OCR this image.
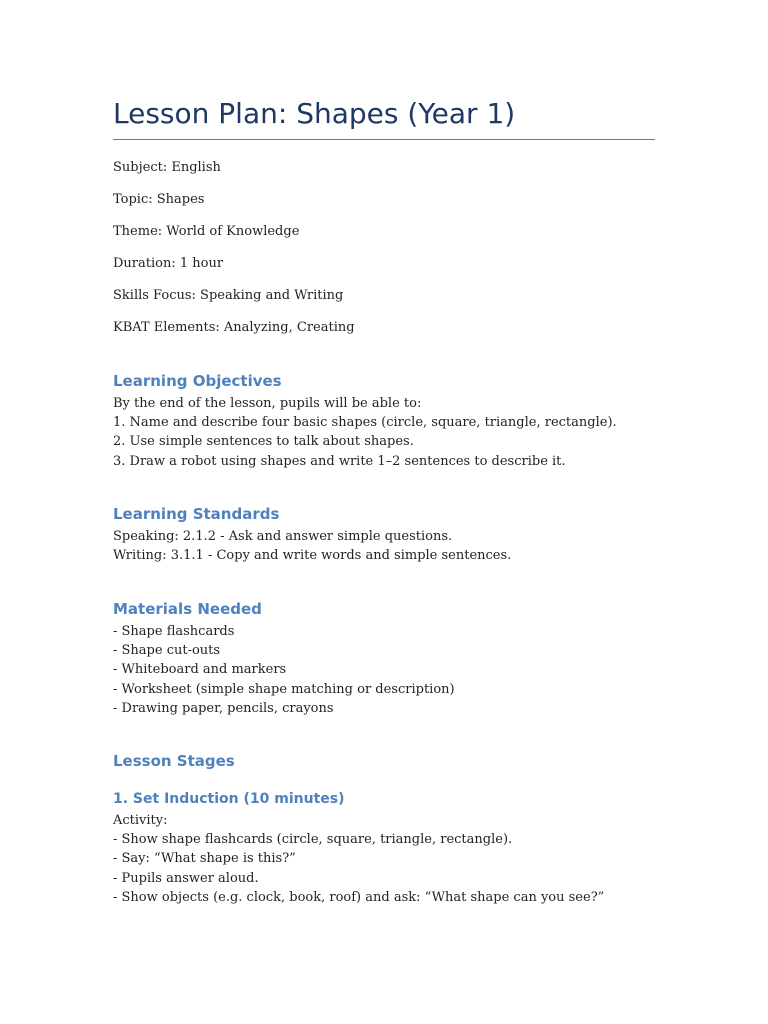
Lesson Plan: Shapes (Year 1)

Subject: English

Topic: Shapes

Theme: World of Knowledge

Duration: 1 hour

Skills Focus: Speaking and Writing

KBAT Elements: Analyzing, Creating

Learning Objectives
By the end of the lesson, pupils will be able to:
1. Name and describe four basic shapes (circle, square, triangle, rectangle).
2. Use simple sentences to talk about shapes.
3. Draw a robot using shapes and write 1–2 sentences to describe it.
Learning Standards
Speaking: 2.1.2 - Ask and answer simple questions.
Writing: 3.1.1 - Copy and write words and simple sentences.
Materials Needed
- Shape flashcards
- Shape cut-outs
- Whiteboard and markers
- Worksheet (simple shape matching or description)
- Drawing paper, pencils, crayons
Lesson Stages
1. Set Induction (10 minutes)
Activity:
- Show shape flashcards (circle, square, triangle, rectangle).
- Say: “What shape is this?”
- Pupils answer aloud.
- Show objects (e.g. clock, book, roof) and ask: “What shape can you see?”
